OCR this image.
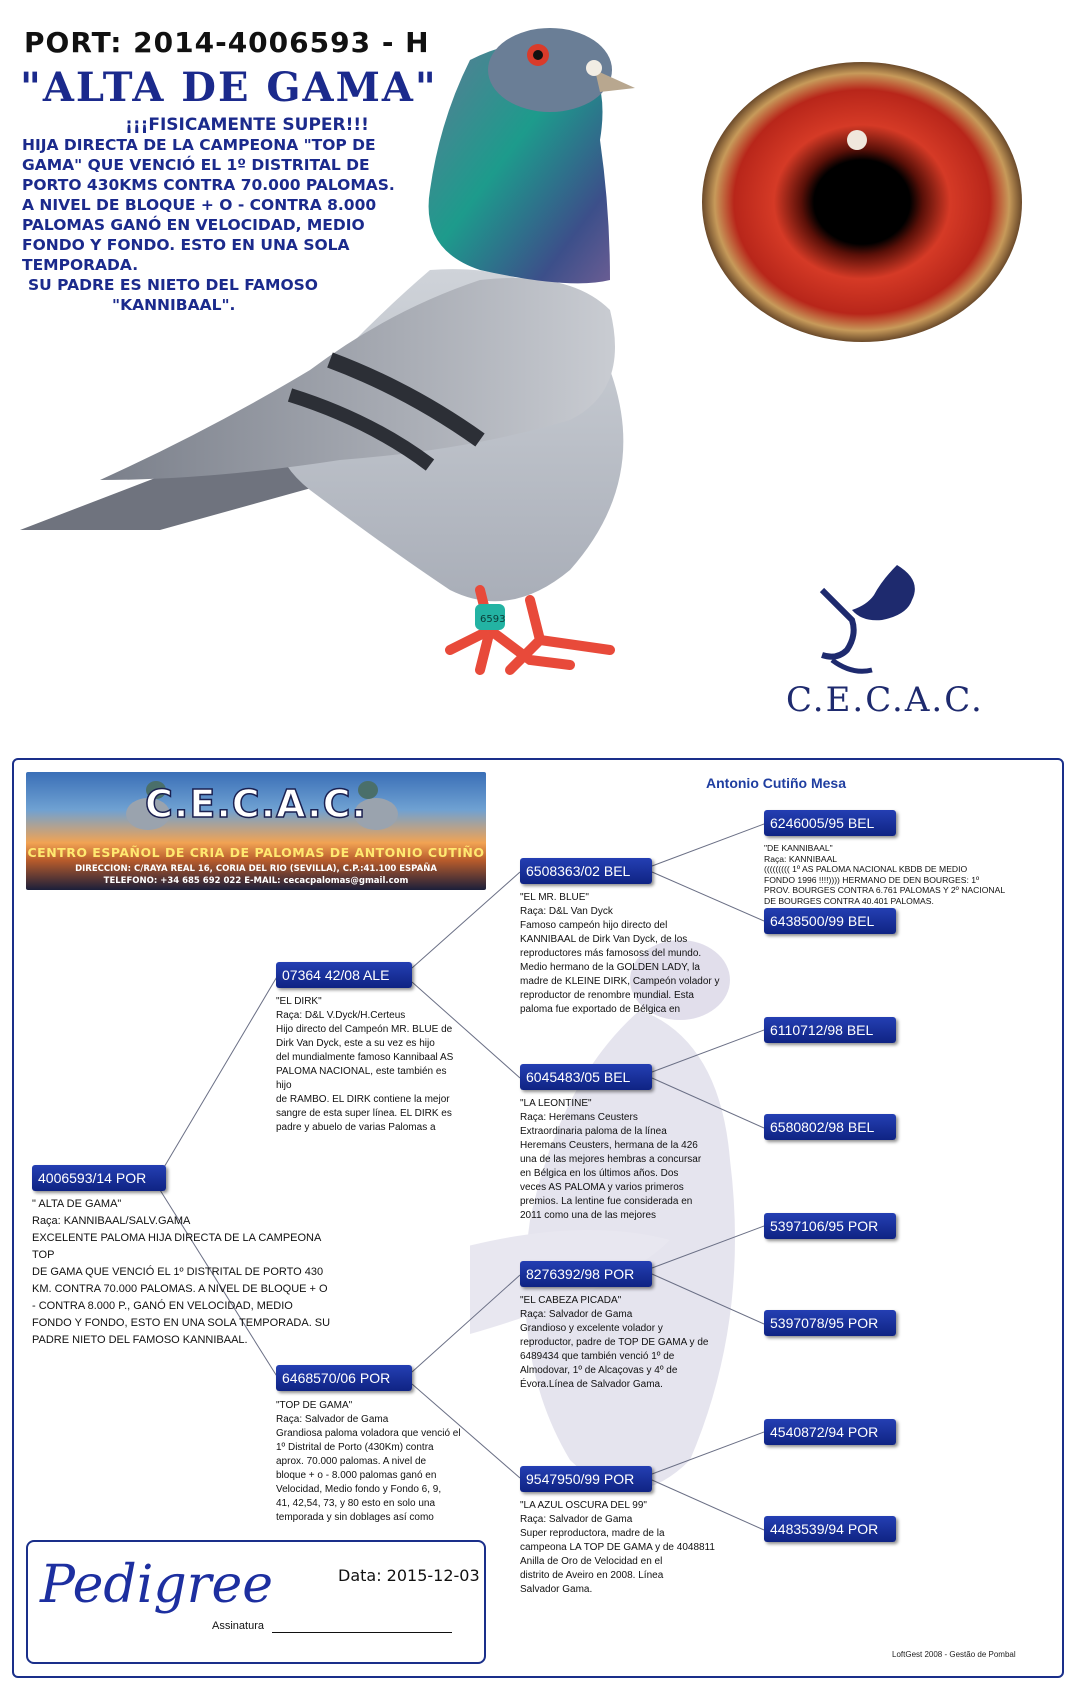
PORT: 2014-4006593 - H
"ALTA DE GAMA"

¡¡¡FISICAMENTE SUPER!!!

HIJA DIRECTA DE LA CAMPEONA "TOP DE

GAMA" QUE VENCIÓ EL 1º DISTRITAL DE

PORTO 430KMS CONTRA 70.000 PALOMAS.

A NIVEL DE BLOQUE + O - CONTRA 8.000

PALOMAS GANÓ EN VELOCIDAD, MEDIO

FONDO Y FONDO. ESTO EN UNA SOLA

TEMPORADA.

SU PADRE ES NIETO DEL FAMOSO

"KANNIBAAL".

6593
C.E.C.A.C.
C.E.C.A.C.
CENTRO ESPAÑOL DE CRIA DE PALOMAS DE ANTONIO CUTIÑO
DIRECCION: C/RAYA REAL 16, CORIA DEL RIO (SEVILLA), C.P.:41.100 ESPAÑA
TELEFONO: +34 685 692 022 E-MAIL: cecacpalomas@gmail.com
Antonio Cutiño Mesa
4006593/14 POR
" ALTA DE GAMA"
Raça: KANNIBAAL/SALV.GAMA
EXCELENTE PALOMA HIJA DIRECTA DE LA CAMPEONA TOP
DE GAMA QUE VENCIÓ EL 1º DISTRITAL DE PORTO 430
KM. CONTRA 70.000 PALOMAS. A NIVEL DE BLOQUE + O
- CONTRA 8.000 P., GANÓ EN VELOCIDAD, MEDIO
FONDO Y FONDO, ESTO EN UNA SOLA TEMPORADA. SU
PADRE NIETO DEL FAMOSO KANNIBAAL.
07364 42/08 ALE
"EL DIRK"
Raça: D&L V.Dyck/H.Certeus
Hijo directo del Campeón MR. BLUE de
Dirk Van Dyck, este a su vez es hijo
del mundialmente famoso Kannibaal AS
PALOMA NACIONAL, este también es hijo
de RAMBO. EL DIRK contiene la mejor
sangre de esta super línea. EL DIRK es
padre y abuelo de varias Palomas a
6468570/06 POR
"TOP DE GAMA"
Raça: Salvador de Gama
Grandiosa paloma voladora que venció el
1º Distrital de Porto (430Km) contra
aprox. 70.000 palomas. A nivel de
bloque + o - 8.000 palomas ganó en
Velocidad, Medio fondo y Fondo 6, 9,
41, 42,54, 73, y 80 esto en solo una
temporada y sin doblages así como
6508363/02 BEL
"EL MR. BLUE"
Raça: D&L Van Dyck
Famoso campeón hijo directo del
KANNIBAAL de Dirk Van Dyck, de los
reproductores más famososs del mundo.
Medio hermano de la GOLDEN LADY, la
madre de KLEINE DIRK, Campeón volador y
reproductor de renombre mundial. Esta
paloma fue exportado de Bélgica en
6045483/05 BEL
"LA LEONTINE"
Raça: Heremans Ceusters
Extraordinaria paloma de la línea
Heremans Ceusters, hermana de la 426
una de las mejores hembras a concursar
en Bélgica en los últimos años. Dos
veces AS PALOMA y varios primeros
premios. La lentine fue considerada en
2011 como una de las mejores
8276392/98 POR
"EL CABEZA PICADA"
Raça: Salvador de Gama
Grandioso y excelente volador y
reproductor, padre de TOP DE GAMA y de
6489434 que también venció 1º de
Almodovar, 1º de Alcaçovas y 4º de
Évora.Línea de Salvador Gama.
9547950/99 POR
"LA AZUL OSCURA DEL 99"
Raça: Salvador de Gama
Super reproductora, madre de la
campeona LA TOP DE GAMA y de 4048811
Anilla de Oro de Velocidad en el
distrito de Aveiro en 2008. Línea
Salvador Gama.
6246005/95 BEL
"DE KANNIBAAL"
Raça: KANNIBAAL
((((((((( 1º AS PALOMA NACIONAL KBDB DE MEDIO
FONDO 1996 !!!!)))) HERMANO DE DEN BOURGES: 1º
PROV. BOURGES CONTRA 6.761 PALOMAS Y 2º NACIONAL
DE BOURGES CONTRA 40.401 PALOMAS.
6438500/99 BEL
6110712/98 BEL
6580802/98 BEL
5397106/95 POR
5397078/95 POR
4540872/94 POR
4483539/94 POR
Pedigree	Data: 2015-12-03
Assinatura
LoftGest 2008 - Gestão de Pombal
